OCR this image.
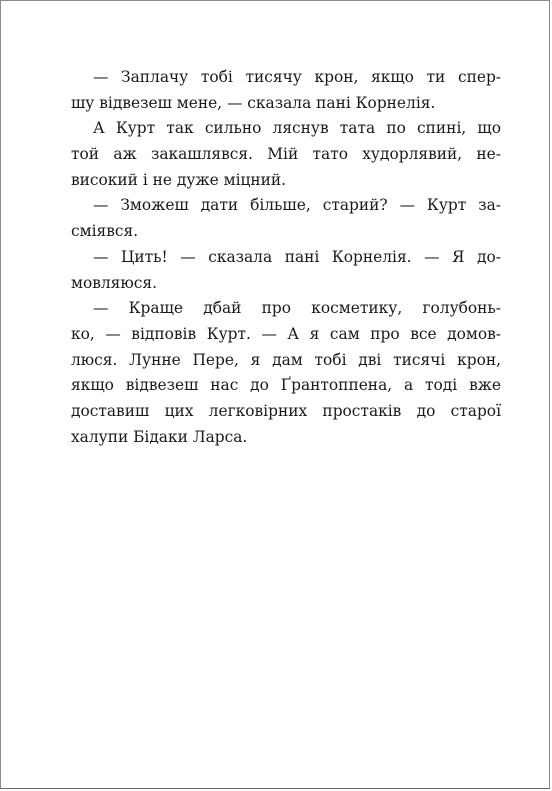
— Заплачу тобі тисячу крон, якщо ти спер-
шу відвезеш мене, — сказала пані Корнелія.
А Курт так сильно ляснув тата по спині, що
той аж закашлявся. Мій тато худорлявий, не-
високий і не дуже міцний.
— Зможеш дати більше, старий? — Курт за-
сміявся.
— Цить! — сказала пані Корнелія. — Я до-
мовляюся.
— Краще дбай про косметику, голубонь-
ко, — відповів Курт. — А я сам про все домов-
люся. Лунне Пере, я дам тобі дві тисячі крон,
якщо відвезеш нас до Ґрантоппена, а тоді вже
доставиш цих легковірних простаків до старої
халупи Бідаки Ларса.
